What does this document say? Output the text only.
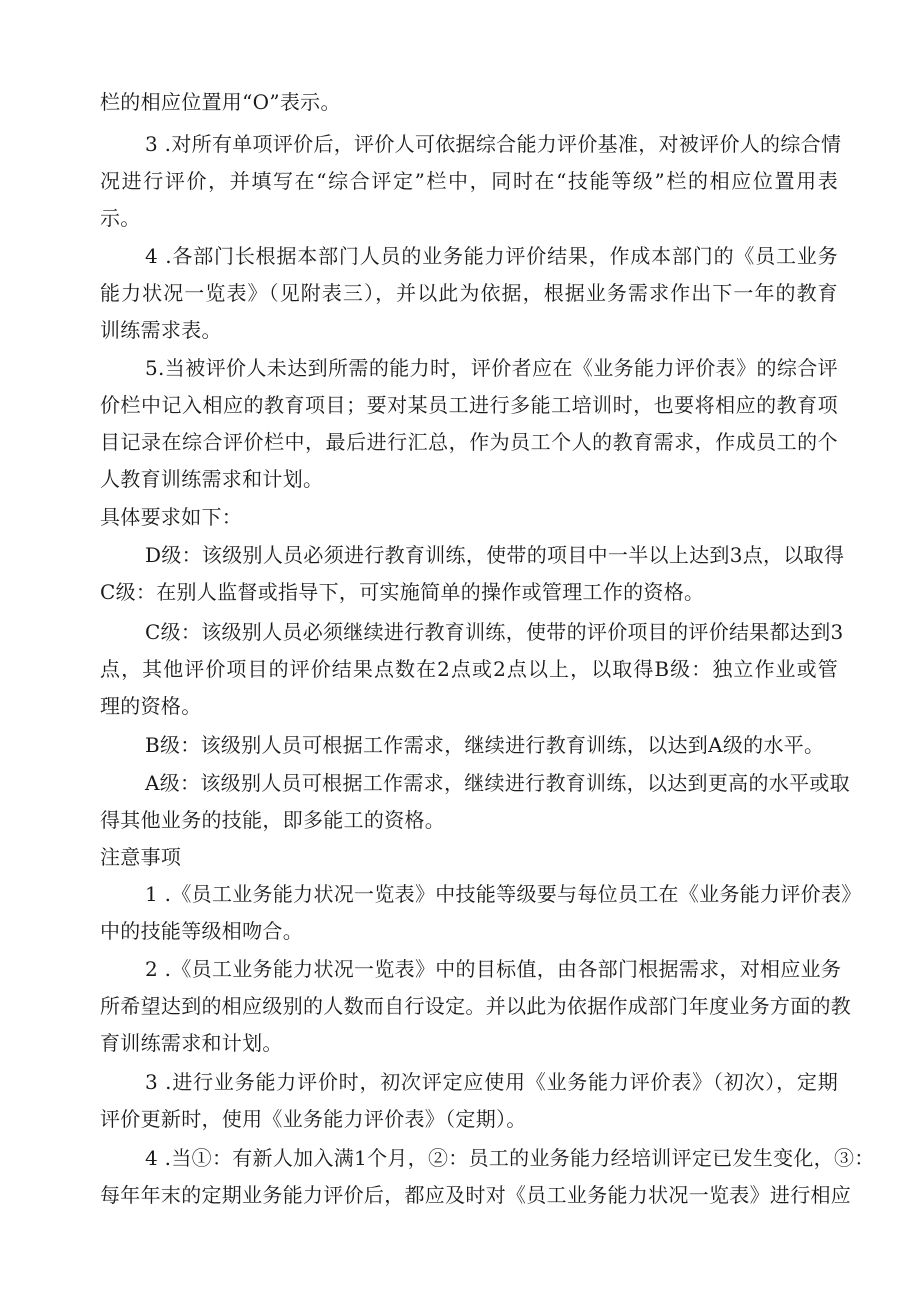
栏的相应位置用“O”表示。
3 .对所有单项评价后，评价人可依据综合能力评价基准，对被评价人的综合情
况进行评价，并填写在“综合评定”栏中，同时在“技能等级”栏的相应位置用表
示。
4 .各部门长根据本部门人员的业务能力评价结果，作成本部门的《员工业务
能力状况一览表》（见附表三），并以此为依据，根据业务需求作出下一年的教育
训练需求表。
5.当被评价人未达到所需的能力时，评价者应在《业务能力评价表》的综合评
价栏中记入相应的教育项目；要对某员工进行多能工培训时，也要将相应的教育项
目记录在综合评价栏中，最后进行汇总，作为员工个人的教育需求，作成员工的个
人教育训练需求和计划。
具体要求如下：
D级：该级别人员必须进行教育训练，使带的项目中一半以上达到3点，以取得
C级：在别人监督或指导下，可实施简单的操作或管理工作的资格。
C级：该级别人员必须继续进行教育训练，使带的评价项目的评价结果都达到3
点，其他评价项目的评价结果点数在2点或2点以上，以取得B级：独立作业或管
理的资格。
B级：该级别人员可根据工作需求，继续进行教育训练，以达到A级的水平。
A级：该级别人员可根据工作需求，继续进行教育训练，以达到更高的水平或取
得其他业务的技能，即多能工的资格。
注意事项
1 .《员工业务能力状况一览表》中技能等级要与每位员工在《业务能力评价表》
中的技能等级相吻合。
2 .《员工业务能力状况一览表》中的目标值，由各部门根据需求，对相应业务
所希望达到的相应级别的人数而自行设定。并以此为依据作成部门年度业务方面的教
育训练需求和计划。
3 .进行业务能力评价时，初次评定应使用《业务能力评价表》（初次），定期
评价更新时，使用《业务能力评价表》（定期）。
4 .当①：有新人加入满1个月，②：员工的业务能力经培训评定已发生变化，③：
每年年末的定期业务能力评价后，都应及时对《员工业务能力状况一览表》进行相应
